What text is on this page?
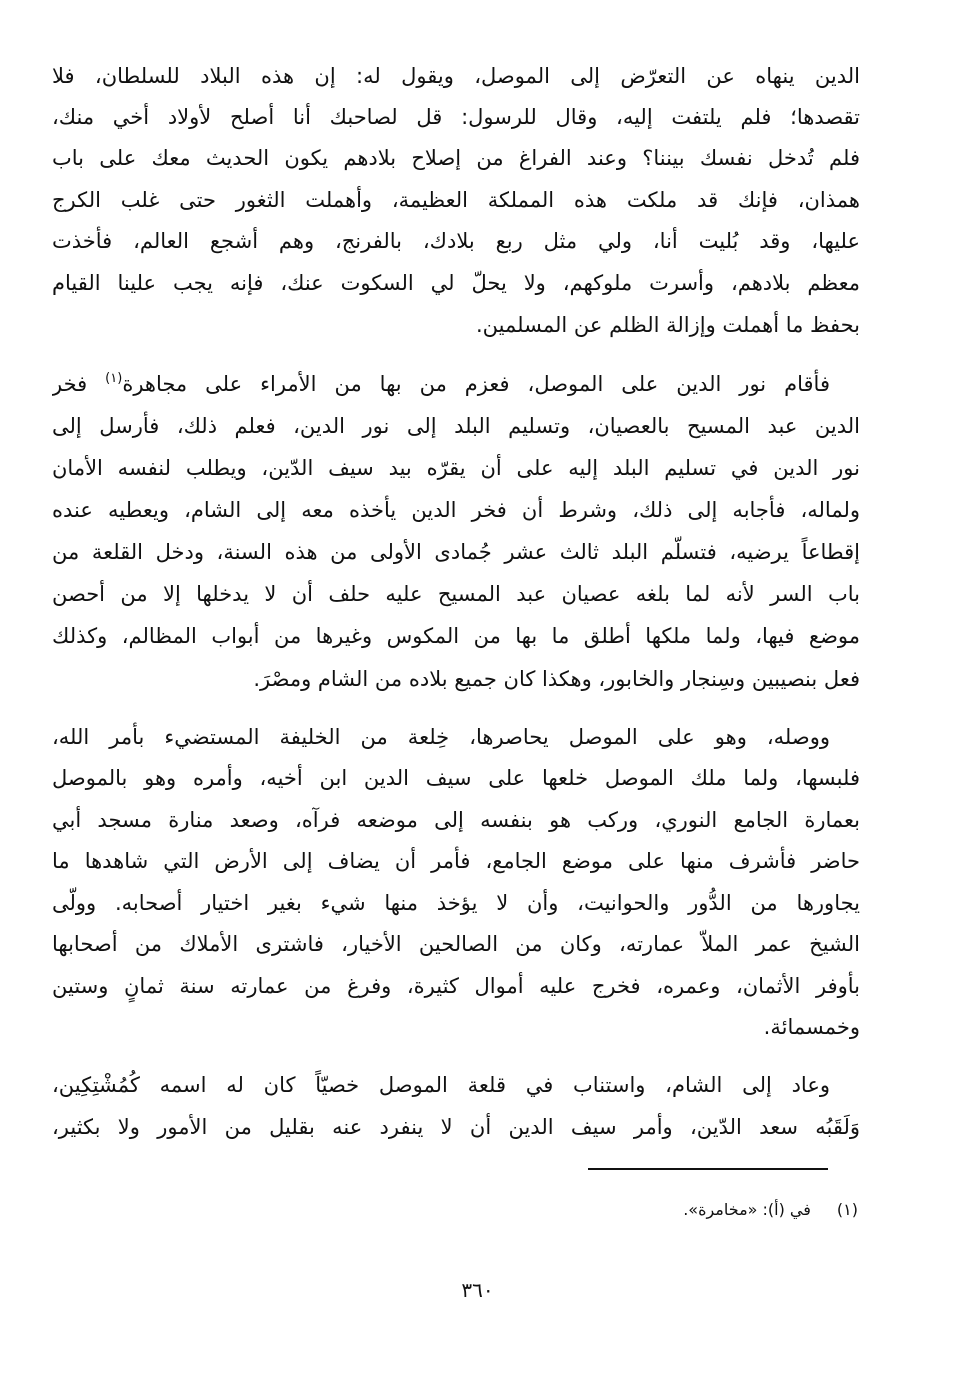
الدين ينهاه عن التعرّض إلى الموصل، ويقول له: إن هذه البلاد للسلطان، فلا
تقصدها؛ فلم يلتفت إليه، وقال للرسول: قل لصاحبك أنا أصلح لأولاد أخي منك،
فلم تُدخل نفسك بيننا؟ وعند الفراغ من إصلاح بلادهم يكون الحديث معك على باب
همذان، فإنك قد ملكت هذه المملكة العظيمة، وأهملت الثغور حتى غلب الكرج
عليها، وقد بُليت أنا، ولي مثل ربع بلادك، بالفرنج، وهم أشجع العالم، فأخذت
معظم بلادهم، وأسرت ملوكهم، ولا يحلّ لي السكوت عنك، فإنه يجب علينا القيام
بحفظ ما أهملت وإزالة الظلم عن المسلمين.
فأقام نور الدين على الموصل، فعزم من بها من الأمراء على مجاهرة$^{(١)}$ فخر
الدين عبد المسيح بالعصيان، وتسليم البلد إلى نور الدين، فعلم ذلك، فأرسل إلى
نور الدين في تسليم البلد إليه على أن يقرّه بيد سيف الدّين، ويطلب لنفسه الأمان
ولماله، فأجابه إلى ذلك، وشرط أن فخر الدين يأخذه معه إلى الشام، ويعطيه عنده
إقطاعاً يرضيه، فتسلّم البلد ثالث عشر جُمادى الأولى من هذه السنة، ودخل القلعة من
باب السر لأنه لما بلغه عصيان عبد المسيح عليه حلف أن لا يدخلها إلا من أحصن
موضع فيها، ولما ملكها أطلق ما بها من المكوس وغيرها من أبواب المظالم، وكذلك
فعل بنصيبين وسِنجار والخابور، وهكذا كان جميع بلاده من الشام ومصْرَ.
ووصله، وهو على الموصل يحاصرها، خِلعة من الخليفة المستضيء بأمر الله،
فلبسها، ولما ملك الموصل خلعها على سيف الدين ابن أخيه، وأمره وهو بالموصل
بعمارة الجامع النوري، وركب هو بنفسه إلى موضعه فرآه، وصعد منارة مسجد أبي
حاضر فأشرف منها على موضع الجامع، فأمر أن يضاف إلى الأرض التي شاهدها ما
يجاورها من الدُّور والحوانيت، وأن لا يؤخذ منها شيء بغير اختيار أصحابه. وولّى
الشيخ عمر الملاّ عمارته، وكان من الصالحين الأخيار، فاشترى الأملاك من أصحابها
بأوفر الأثمان، وعمره، فخرج عليه أموال كثيرة، وفرغ من عمارته سنة ثمانٍ وستين
وخمسمائة.
وعاد إلى الشام، واستناب في قلعة الموصل خصيّاً كان له اسمه كُمُشْتِكِين،
وَلَقَبُه سعد الدّين، وأمر سيف الدين أن لا ينفرد عنه بقليل من الأمور ولا بكثير،
(١)في (أ): «مخامرة».
٣٦٠
